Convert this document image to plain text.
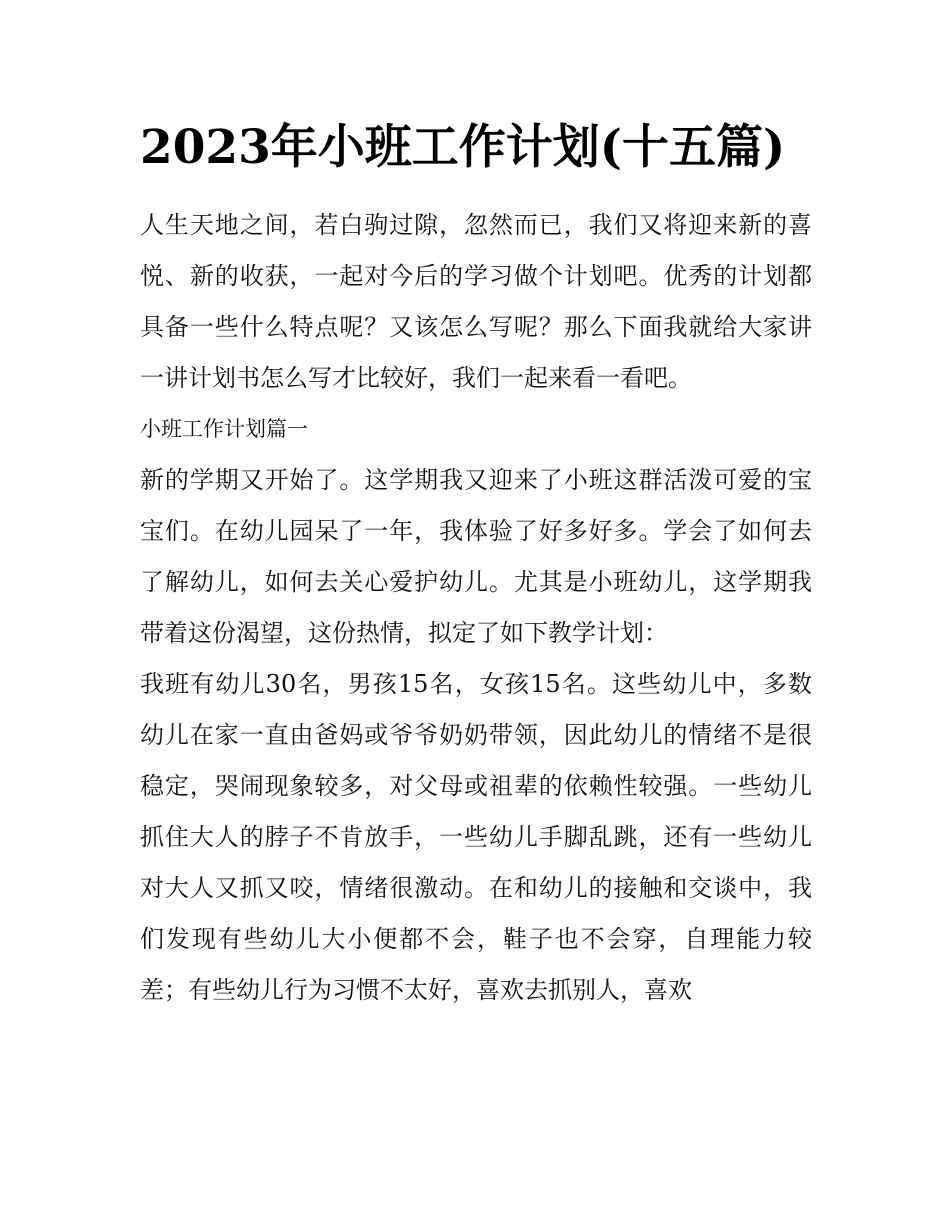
2023年小班工作计划(十五篇)
人生天地之间，若白驹过隙，忽然而已，我们又将迎来新的喜
悦、新的收获，一起对今后的学习做个计划吧。优秀的计划都
具备一些什么特点呢？又该怎么写呢？那么下面我就给大家讲
一讲计划书怎么写才比较好，我们一起来看一看吧。
小班工作计划篇一
新的学期又开始了。这学期我又迎来了小班这群活泼可爱的宝
宝们。在幼儿园呆了一年，我体验了好多好多。学会了如何去
了解幼儿，如何去关心爱护幼儿。尤其是小班幼儿，这学期我
带着这份渴望，这份热情，拟定了如下教学计划：
我班有幼儿30名，男孩15名，女孩15名。这些幼儿中，多数
幼儿在家一直由爸妈或爷爷奶奶带领，因此幼儿的情绪不是很
稳定，哭闹现象较多，对父母或祖辈的依赖性较强。一些幼儿
抓住大人的脖子不肯放手，一些幼儿手脚乱跳，还有一些幼儿
对大人又抓又咬，情绪很激动。在和幼儿的接触和交谈中，我
们发现有些幼儿大小便都不会，鞋子也不会穿，自理能力较
差；有些幼儿行为习惯不太好，喜欢去抓别人，喜欢
